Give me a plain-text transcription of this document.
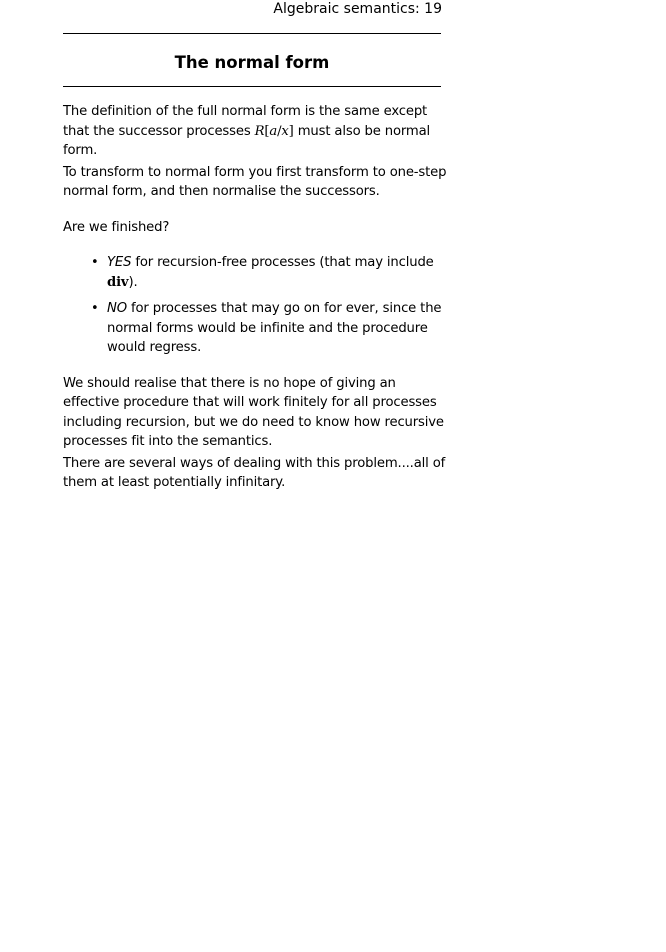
Algebraic semantics: 19
The normal form

The definition of the full normal form is the same except that the successor processes R[a/x] must also be normal form.

To transform to normal form you first transform to one-step normal form, and then normalise the successors.

Are we finished?

• YES for recursion-free processes (that may include div).
• NO for processes that may go on for ever, since the normal forms would be infinite and the procedure would regress.

We should realise that there is no hope of giving an effective procedure that will work finitely for all processes including recursion, but we do need to know how recursive processes fit into the semantics.

There are several ways of dealing with this problem....all of them at least potentially infinitary.
